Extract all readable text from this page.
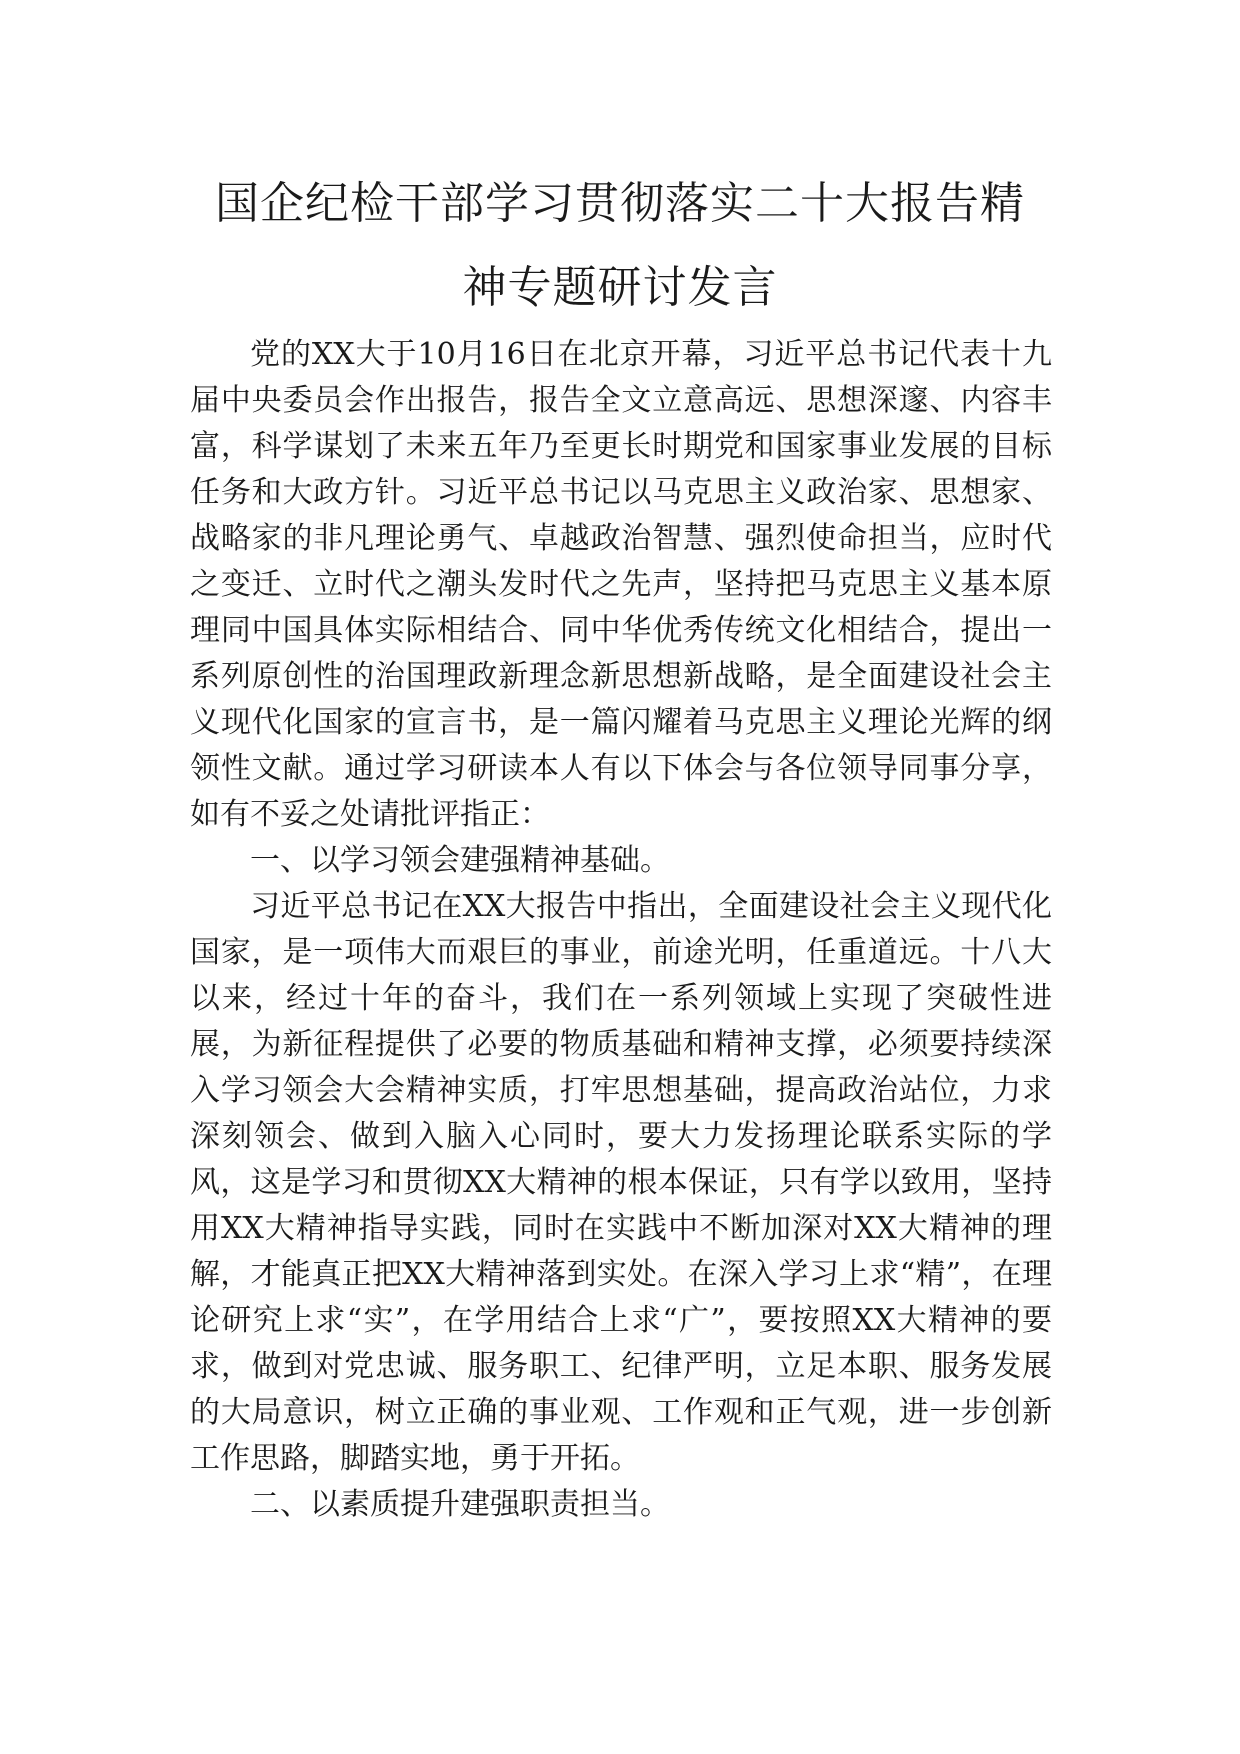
国企纪检干部学习贯彻落实二十大报告精
神专题研讨发言

党的XX大于10月16日在北京开幕，习近平总书记代表十九届中央委员会作出报告，报告全文立意高远、思想深邃、内容丰富，科学谋划了未来五年乃至更长时期党和国家事业发展的目标任务和大政方针。习近平总书记以马克思主义政治家、思想家、战略家的非凡理论勇气、卓越政治智慧、强烈使命担当，应时代之变迁、立时代之潮头发时代之先声，坚持把马克思主义基本原理同中国具体实际相结合、同中华优秀传统文化相结合，提出一系列原创性的治国理政新理念新思想新战略，是全面建设社会主义现代化国家的宣言书，是一篇闪耀着马克思主义理论光辉的纲领性文献。通过学习研读本人有以下体会与各位领导同事分享，如有不妥之处请批评指正：

一、以学习领会建强精神基础。

习近平总书记在XX大报告中指出，全面建设社会主义现代化国家，是一项伟大而艰巨的事业，前途光明，任重道远。十八大以来，经过十年的奋斗，我们在一系列领域上实现了突破性进展，为新征程提供了必要的物质基础和精神支撑，必须要持续深入学习领会大会精神实质，打牢思想基础，提高政治站位，力求深刻领会、做到入脑入心同时，要大力发扬理论联系实际的学风，这是学习和贯彻XX大精神的根本保证，只有学以致用，坚持用XX大精神指导实践，同时在实践中不断加深对XX大精神的理解，才能真正把XX大精神落到实处。在深入学习上求“精”，在理论研究上求“实”，在学用结合上求“广”，要按照XX大精神的要求，做到对党忠诚、服务职工、纪律严明，立足本职、服务发展的大局意识，树立正确的事业观、工作观和正气观，进一步创新工作思路，脚踏实地，勇于开拓。

二、以素质提升建强职责担当。
